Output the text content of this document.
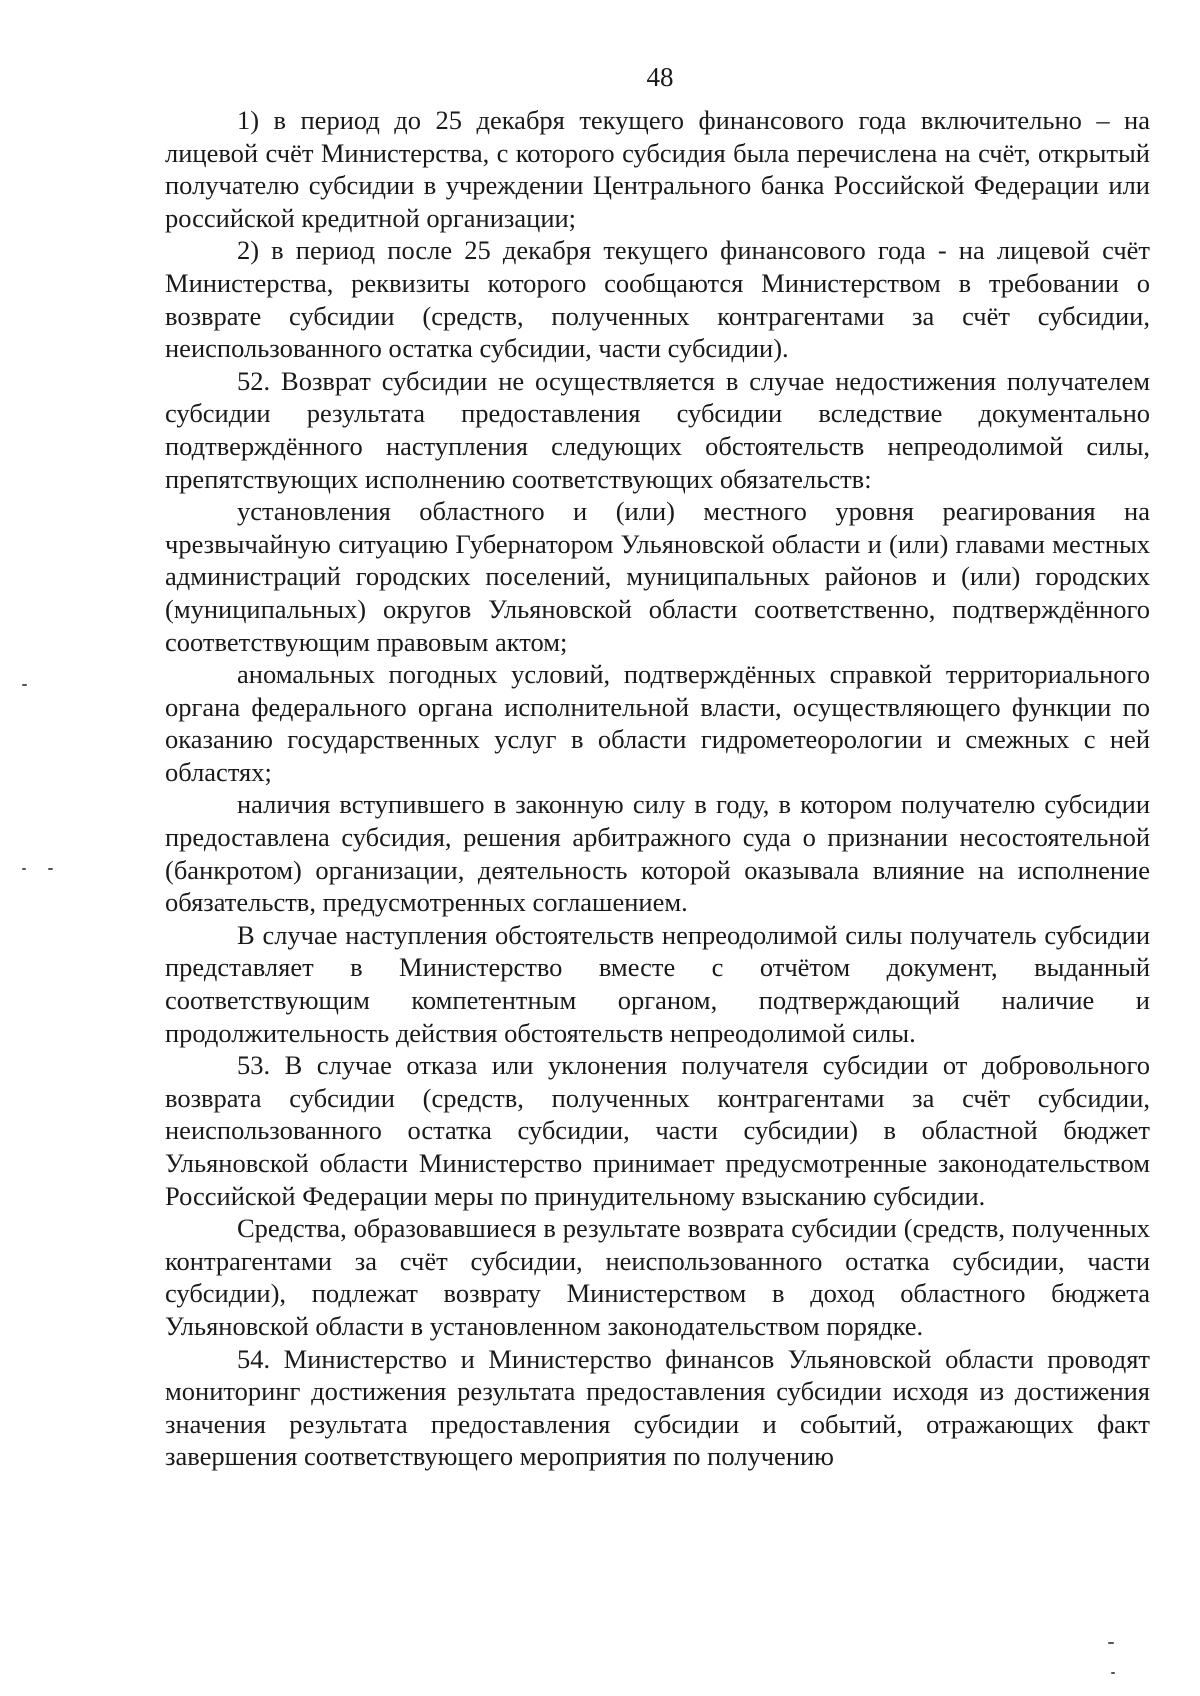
48

1) в период до 25 декабря текущего финансового года включительно – на лицевой счёт Министерства, с которого субсидия была перечислена на счёт, открытый получателю субсидии в учреждении Центрального банка Российской Федерации или российской кредитной организации;

2) в период после 25 декабря текущего финансового года - на лицевой счёт Министерства, реквизиты которого сообщаются Министерством в требовании о возврате субсидии (средств, полученных контрагентами за счёт субсидии, неиспользованного остатка субсидии, части субсидии).

52. Возврат субсидии не осуществляется в случае недостижения получателем субсидии результата предоставления субсидии вследствие документально подтверждённого наступления следующих обстоятельств непреодолимой силы, препятствующих исполнению соответствующих обязательств:

установления областного и (или) местного уровня реагирования на чрезвычайную ситуацию Губернатором Ульяновской области и (или) главами местных администраций городских поселений, муниципальных районов и (или) городских (муниципальных) округов Ульяновской области соответственно, подтверждённого соответствующим правовым актом;

аномальных погодных условий, подтверждённых справкой территориального органа федерального органа исполнительной власти, осуществляющего функции по оказанию государственных услуг в области гидрометеорологии и смежных с ней областях;

наличия вступившего в законную силу в году, в котором получателю субсидии предоставлена субсидия, решения арбитражного суда о признании несостоятельной (банкротом) организации, деятельность которой оказывала влияние на исполнение обязательств, предусмотренных соглашением.

В случае наступления обстоятельств непреодолимой силы получатель субсидии представляет в Министерство вместе с отчётом документ, выданный соответствующим компетентным органом, подтверждающий наличие и продолжительность действия обстоятельств непреодолимой силы.

53. В случае отказа или уклонения получателя субсидии от добровольного возврата субсидии (средств, полученных контрагентами за счёт субсидии, неиспользованного остатка субсидии, части субсидии) в областной бюджет Ульяновской области Министерство принимает предусмотренные законодательством Российской Федерации меры по принудительному взысканию субсидии.

Средства, образовавшиеся в результате возврата субсидии (средств, полученных контрагентами за счёт субсидии, неиспользованного остатка субсидии, части субсидии), подлежат возврату Министерством в доход областного бюджета Ульяновской области в установленном законодательством порядке.

54. Министерство и Министерство финансов Ульяновской области проводят мониторинг достижения результата предоставления субсидии исходя из достижения значения результата предоставления субсидии и событий, отражающих факт завершения соответствующего мероприятия по получению
